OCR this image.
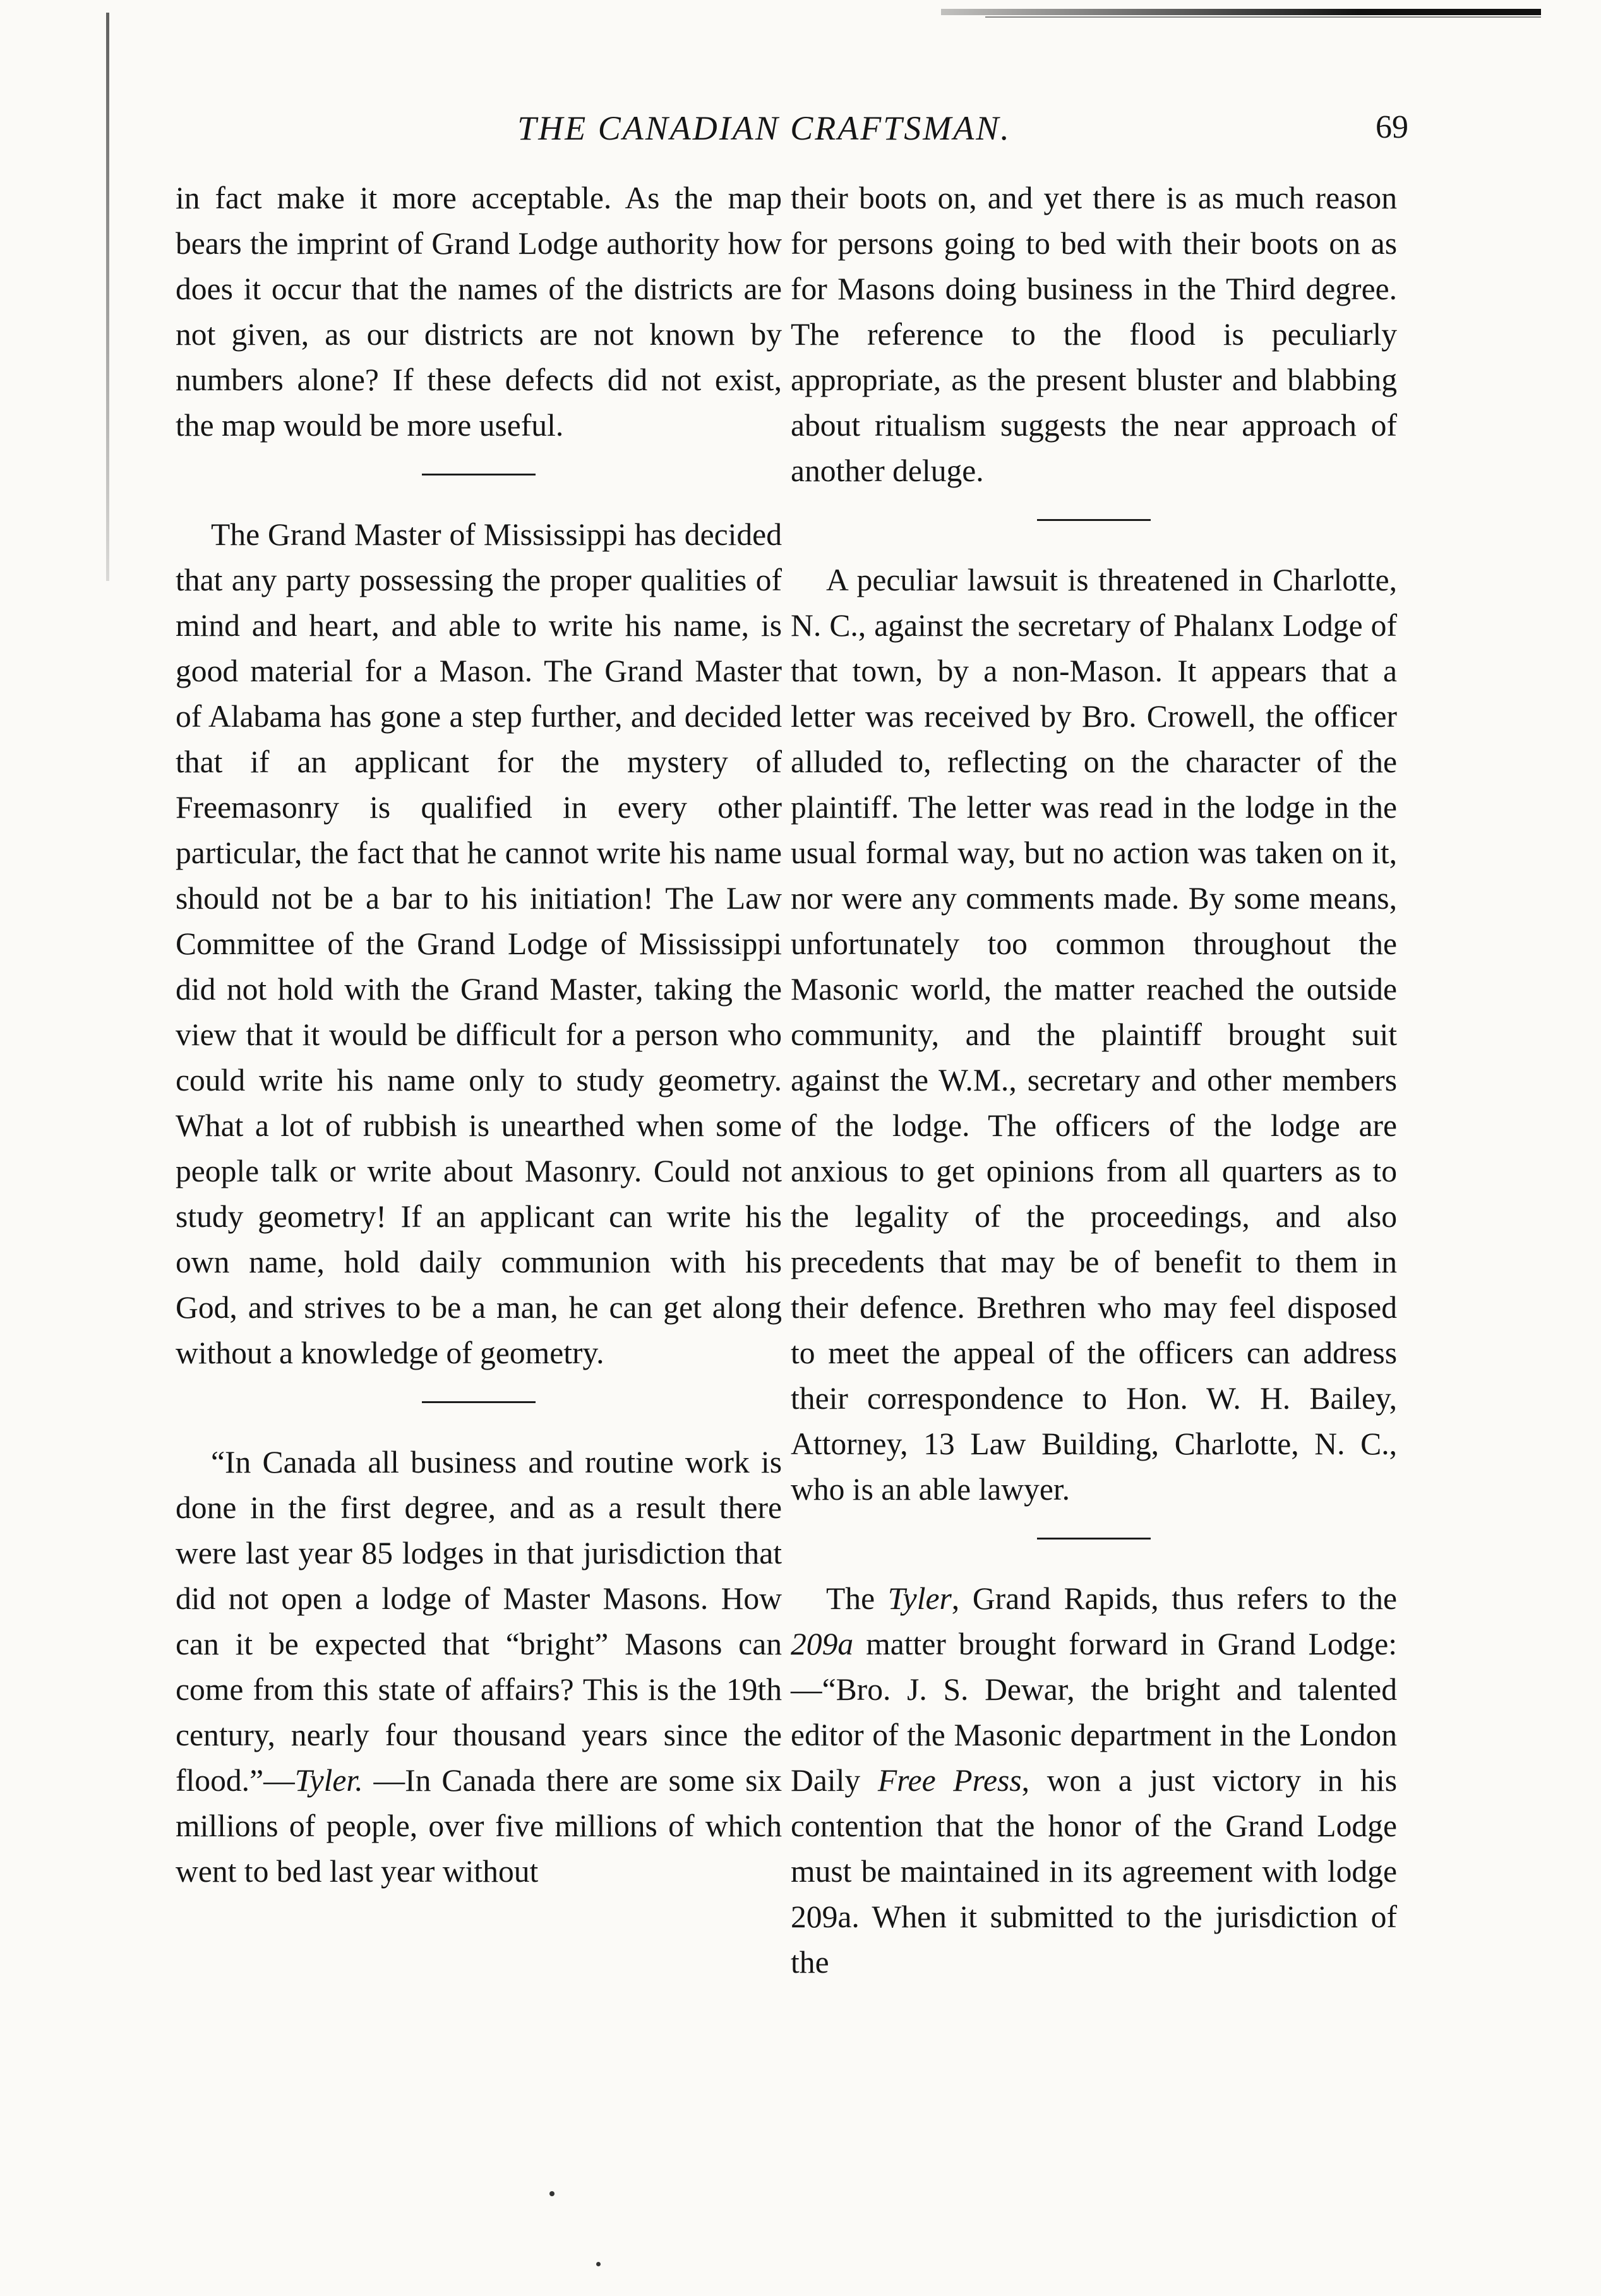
THE CANADIAN CRAFTSMAN.	69

in fact make it more acceptable. As the map bears the imprint of Grand Lodge authority how does it occur that the names of the districts are not given, as our districts are not known by numbers alone? If these defects did not exist, the map would be more useful.

The Grand Master of Mississippi has decided that any party possessing the proper qualities of mind and heart, and able to write his name, is good material for a Mason. The Grand Master of Alabama has gone a step further, and decided that if an applicant for the mystery of Freemasonry is qualified in every other particular, the fact that he cannot write his name should not be a bar to his initiation! The Law Committee of the Grand Lodge of Mississippi did not hold with the Grand Master, taking the view that it would be difficult for a person who could write his name only to study geometry. What a lot of rubbish is unearthed when some people talk or write about Masonry. Could not study geometry! If an applicant can write his own name, hold daily communion with his God, and strives to be a man, he can get along without a knowledge of geometry.

“In Canada all business and routine work is done in the first degree, and as a result there were last year 85 lodges in that jurisdiction that did not open a lodge of Master Masons. How can it be expected that “bright” Masons can come from this state of affairs? This is the 19th century, nearly four thousand years since the flood.”—Tyler. —In Canada there are some six millions of people, over five millions of which went to bed last year without

their boots on, and yet there is as much reason for persons going to bed with their boots on as for Masons doing business in the Third degree. The reference to the flood is peculiarly appropriate, as the present bluster and blabbing about ritualism suggests the near approach of another deluge.

A peculiar lawsuit is threatened in Charlotte, N. C., against the secretary of Phalanx Lodge of that town, by a non-Mason. It appears that a letter was received by Bro. Crowell, the officer alluded to, reflecting on the character of the plaintiff. The letter was read in the lodge in the usual formal way, but no action was taken on it, nor were any comments made. By some means, unfortunately too common throughout the Masonic world, the matter reached the outside community, and the plaintiff brought suit against the W.M., secretary and other members of the lodge. The officers of the lodge are anxious to get opinions from all quarters as to the legality of the proceedings, and also precedents that may be of benefit to them in their defence. Brethren who may feel disposed to meet the appeal of the officers can address their correspondence to Hon. W. H. Bailey, Attorney, 13 Law Building, Charlotte, N. C., who is an able lawyer.

The Tyler, Grand Rapids, thus refers to the 209a matter brought forward in Grand Lodge:—“Bro. J. S. Dewar, the bright and talented editor of the Masonic department in the London Daily Free Press, won a just victory in his contention that the honor of the Grand Lodge must be maintained in its agreement with lodge 209a. When it submitted to the jurisdiction of the
